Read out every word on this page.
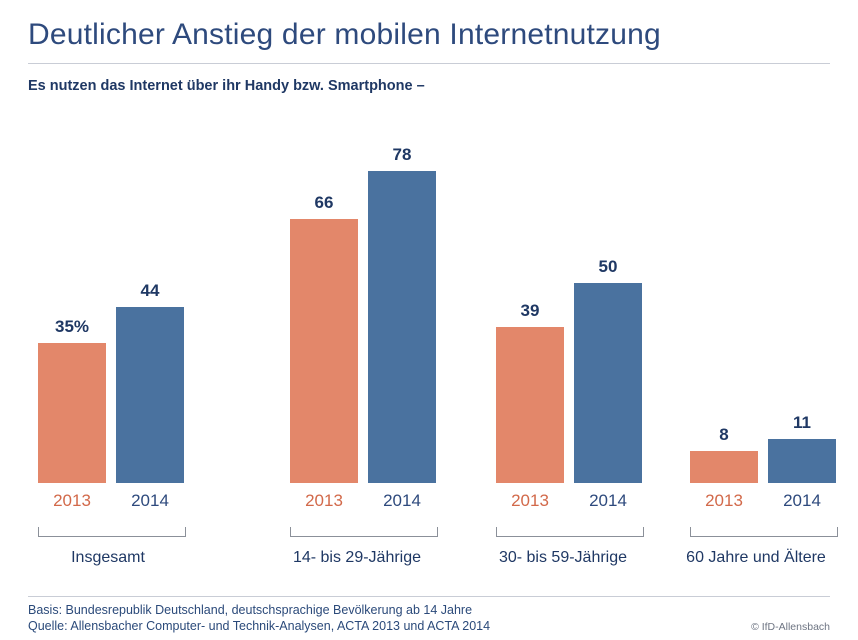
Deutlicher Anstieg der mobilen Internetnutzung
Es nutzen das Internet über ihr Handy bzw. Smartphone –
35%
44
2013	2014
Insgesamt
66
78
2013	2014
14- bis 29-Jährige
39
50
2013	2014
30- bis 59-Jährige
8
11
2013	2014
60 Jahre und Ältere
Basis: Bundesrepublik Deutschland, deutschsprachige Bevölkerung ab 14 Jahre
Quelle: Allensbacher Computer- und Technik-Analysen, ACTA 2013 und ACTA 2014	© IfD-Allensbach
